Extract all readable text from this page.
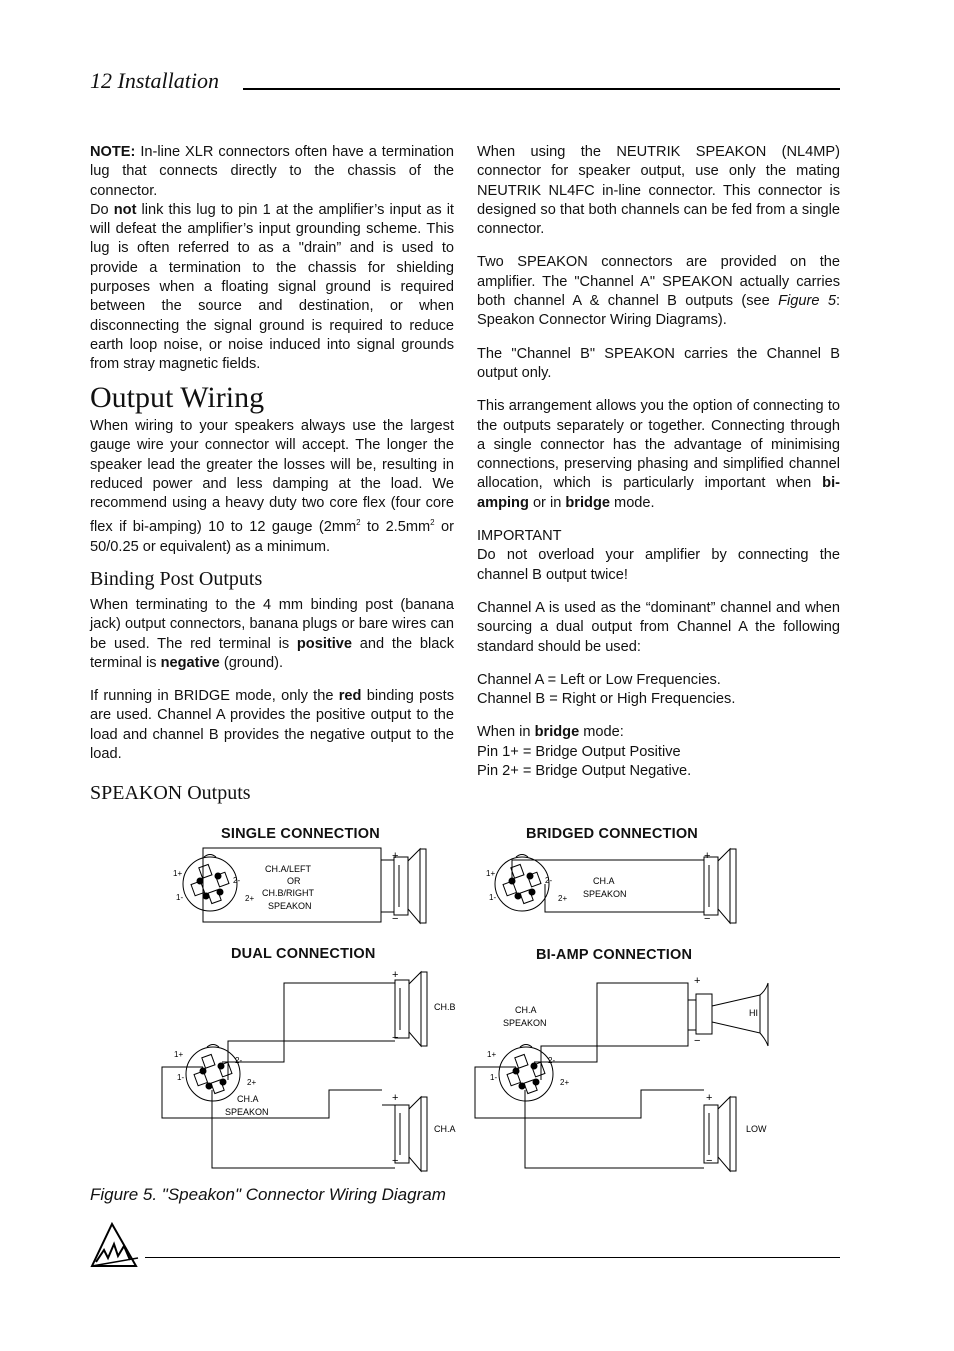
12 Installation

NOTE: In-line XLR connectors often have a termination lug that connects directly to the chassis of the connector.

Do not link this lug to pin 1 at the amplifier’s input as it will defeat the amplifier’s input grounding scheme. This lug is often referred to as a "drain” and is used to provide a termination to the chassis for shielding purposes when a floating signal ground is required between the source and destination, or when disconnecting the signal ground is required to reduce earth loop noise, or noise induced into signal grounds from stray magnetic fields.

Output Wiring

When wiring to your speakers always use the largest gauge wire your connector will accept. The longer the speaker lead the greater the losses will be, resulting in reduced power and less damping at the load. We recommend using a heavy duty two core flex (four core flex if bi-amping) 10 to 12 gauge ($2mm^2$ to $2.5mm^2$ or 50/0.25 or equivalent) as a minimum.

Binding Post Outputs

When terminating to the 4 mm binding post (banana jack) output connectors, banana plugs or bare wires can be used. The red terminal is positive and the black terminal is negative (ground).

If running in BRIDGE mode, only the red binding posts are used. Channel A provides the positive output to the load and channel B provides the negative output to the load.

SPEAKON Outputs

When using the NEUTRIK SPEAKON (NL4MP) connector for speaker output, use only the mating NEUTRIK NL4FC in-line connector. This connector is designed so that both channels can be fed from a single connector.

Two SPEAKON connectors are provided on the amplifier. The "Channel A" SPEAKON actually carries both channel A & channel B outputs (see Figure 5: Speakon Connector Wiring Diagrams).

The "Channel B" SPEAKON carries the Channel B output only.

This arrangement allows you the option of connecting to the outputs separately or together. Connecting through a single connector has the advantage of minimising connections, preserving phasing and simplified channel allocation, which is particularly important when bi-amping or in bridge mode.

IMPORTANT

Do not overload your amplifier by connecting the channel B output twice!

Channel A is used as the “dominant” channel and when sourcing a dual output from Channel A the following standard should be used:

Channel A = Left or Low Frequencies.

Channel B = Right or High Frequencies.

When in bridge mode:

Pin 1+ = Bridge Output Positive

Pin 2+ = Bridge Output Negative.

SINGLE CONNECTION	BRIDGED CONNECTION
DUAL CONNECTION	BI-AMP CONNECTION
CH.A/LEFT
OR
CH.B/RIGHT
SPEAKON
+
−
1+
1-
2-
2+
CH.A
SPEAKON
+
−
1+
1-
2-
2+
CH.B
CH.A
CH.A
SPEAKON
+
−
+
−
1+
1-
2-
2+
CH.A
SPEAKON
HI
LOW
+
−
+
−
1+
1-
2-
2+
Figure 5. "Speakon" Connector Wiring Diagram
